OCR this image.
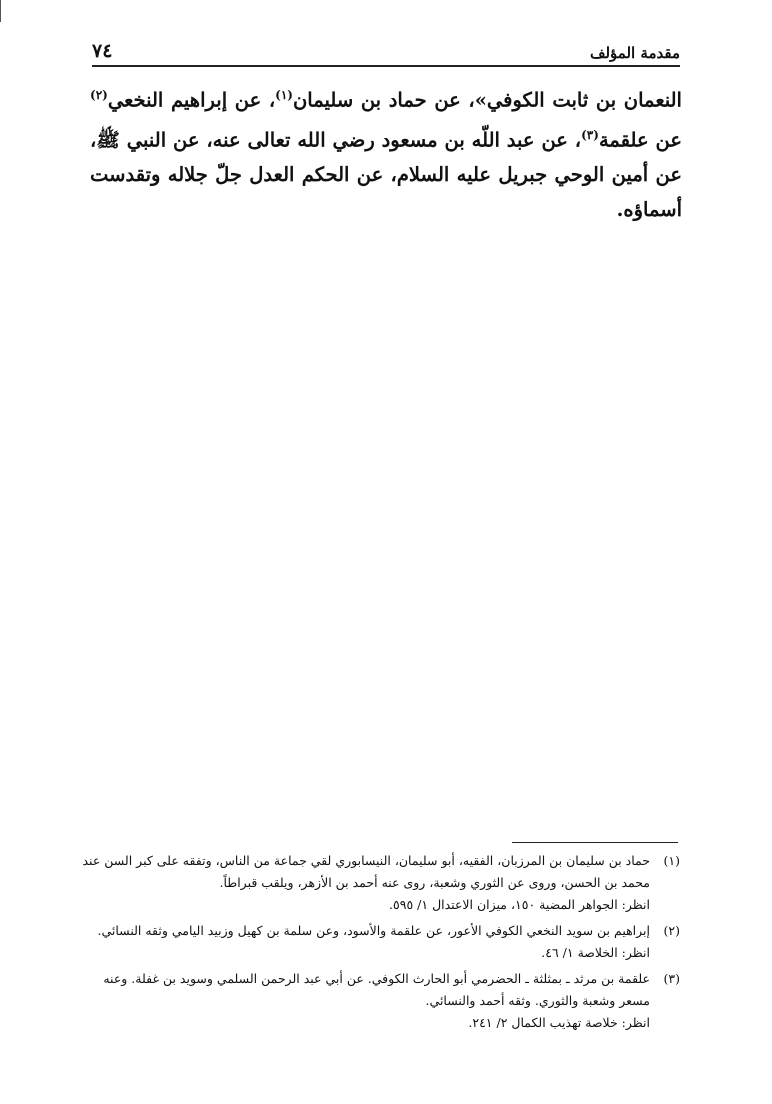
مقدمة المؤلف
٧٤
النعمان بن ثابت الكوفي»، عن حماد بن سليمان$^{(١)}$، عن إبراهيم النخعي$^{(٢)}$ عن علقمة$^{(٣)}$، عن عبد اللّه بن مسعود رضي الله تعالى عنه، عن النبي ﷺ، عن أمين الوحي جبريل عليه السلام، عن الحكم العدل جلّ جلاله وتقدست أسماؤه.
(١)
حماد بن سليمان بن المرزبان، الفقيه، أبو سليمان، النيسابوري لقي جماعة من الناس، وتفقه على كبر السن عند
محمد بن الحسن، وروى عن الثوري وشعبة، روى عنه أحمد بن الأزهر، ويلقب قبراطاً.
انظر: الجواهر المضية ١٥٠، ميزان الاعتدال ١/ ٥٩٥.
(٢)
إبراهيم بن سويد النخعي الكوفي الأعور، عن علقمة والأسود، وعن سلمة بن كهيل وزبيد اليامي وثقه النسائي.
انظر: الخلاصة ١/ ٤٦.
(٣)
علقمة بن مرثد ـ بمثلثة ـ الحضرمي أبو الحارث الكوفي. عن أبي عبد الرحمن السلمي وسويد بن غفلة. وعنه
مسعر وشعبة والثوري. وثقه أحمد والنسائي.
انظر: خلاصة تهذيب الكمال ٢/ ٢٤١.
